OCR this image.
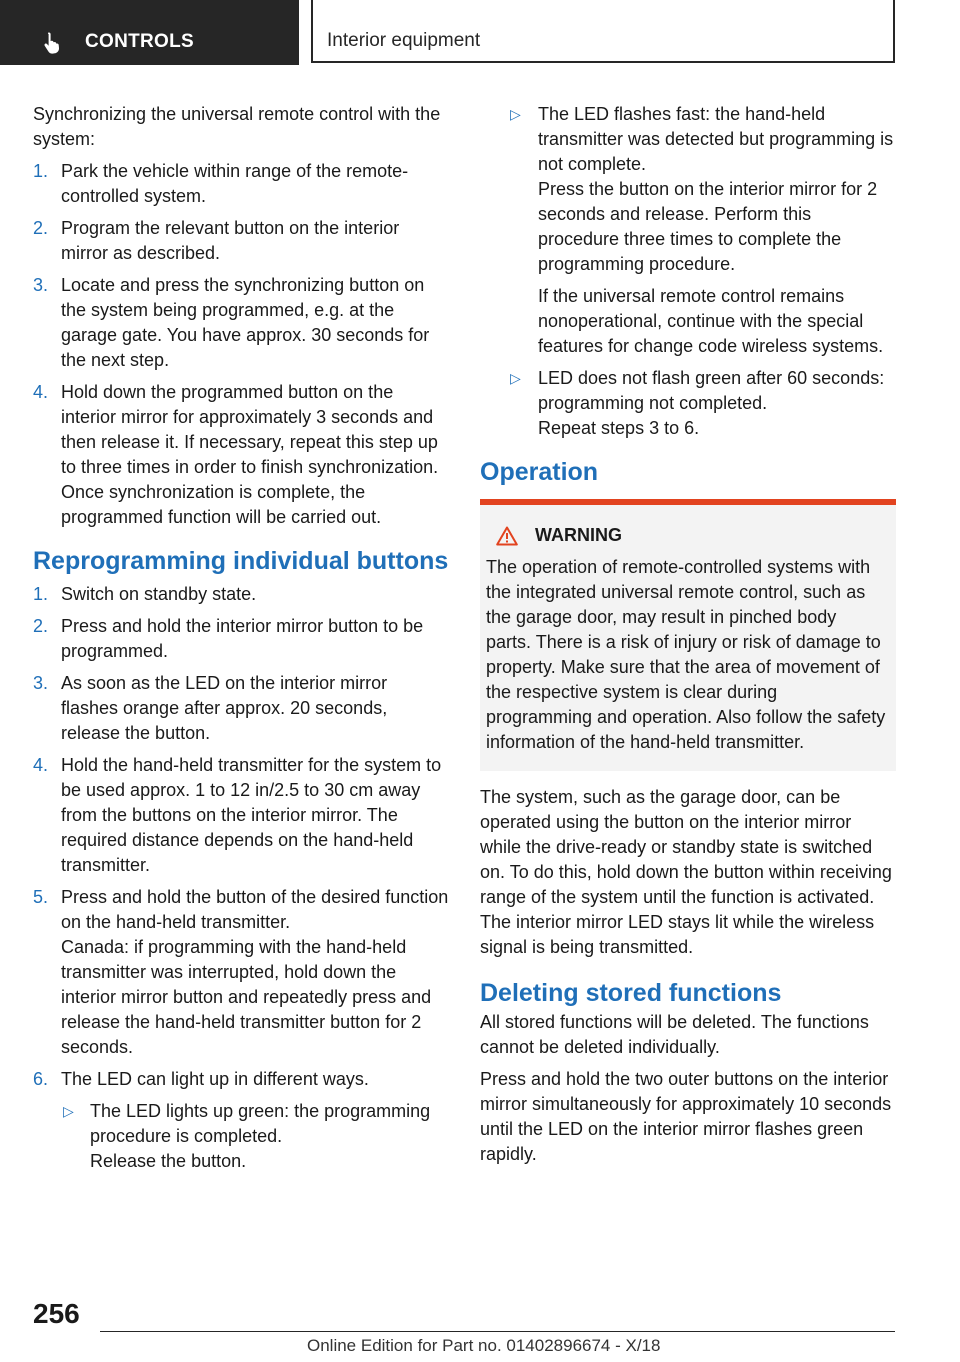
CONTROLS	Interior equipment

Synchronizing the universal remote control with the system:

1. Park the vehicle within range of the remote-controlled system.
2. Program the relevant button on the interior mirror as described.
3. Locate and press the synchronizing button on the system being programmed, e.g. at the garage gate. You have approx. 30 seconds for the next step.
4. Hold down the programmed button on the interior mirror for approximately 3 seconds and then release it. If necessary, repeat this step up to three times in order to finish synchronization. Once synchronization is complete, the programmed function will be carried out.
Reprogramming individual buttons
1. Switch on standby state.
2. Press and hold the interior mirror button to be programmed.
3. As soon as the LED on the interior mirror flashes orange after approx. 20 seconds, release the button.
4. Hold the hand-held transmitter for the system to be used approx. 1 to 12 in/2.5 to 30 cm away from the buttons on the interior mirror. The required distance depends on the hand-held transmitter.
5. Press and hold the button of the desired function on the hand-held transmitter.

Canada: if programming with the hand-held transmitter was interrupted, hold down the interior mirror button and repeatedly press and release the hand-held transmitter button for 2 seconds.

6. The LED can light up in different ways.
▷ The LED lights up green: the programming procedure is completed.

Release the button.

▷ The LED flashes fast: the hand-held transmitter was detected but programming is not complete.

Press the button on the interior mirror for 2 seconds and release. Perform this procedure three times to complete the programming procedure.

If the universal remote control remains nonoperational, continue with the special features for change code wireless systems.

▷ LED does not flash green after 60 seconds: programming not completed.

Repeat steps 3 to 6.

Operation
WARNING
The operation of remote-controlled systems with the integrated universal remote control, such as the garage door, may result in pinched body parts. There is a risk of injury or risk of damage to property. Make sure that the area of movement of the respective system is clear during programming and operation. Also follow the safety information of the hand-held transmitter.

The system, such as the garage door, can be operated using the button on the interior mirror while the drive-ready or standby state is switched on. To do this, hold down the button within receiving range of the system until the function is activated. The interior mirror LED stays lit while the wireless signal is being transmitted.

Deleting stored functions

All stored functions will be deleted. The functions cannot be deleted individually.

Press and hold the two outer buttons on the interior mirror simultaneously for approximately 10 seconds until the LED on the interior mirror flashes green rapidly.

256
Online Edition for Part no. 01402896674 - X/18
